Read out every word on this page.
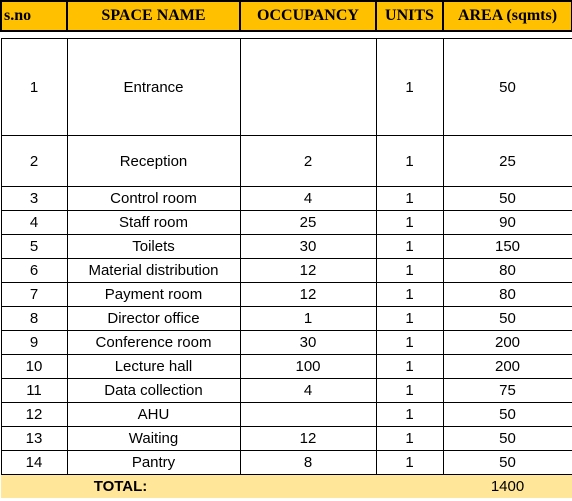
s.no	SPACE NAME	OCCUPANCY	UNITS	AREA (sqmts)

1	Entrance		1	50
2	Reception	2	1	25
3	Control room	4	1	50
4	Staff room	25	1	90
5	Toilets	30	1	150
6	Material distribution	12	1	80
7	Payment room	12	1	80
8	Director office	1	1	50
9	Conference room	30	1	200
10	Lecture hall	100	1	200
11	Data collection	4	1	75
12	AHU		1	50
13	Waiting	12	1	50
14	Pantry	8	1	50
TOTAL:				1400
